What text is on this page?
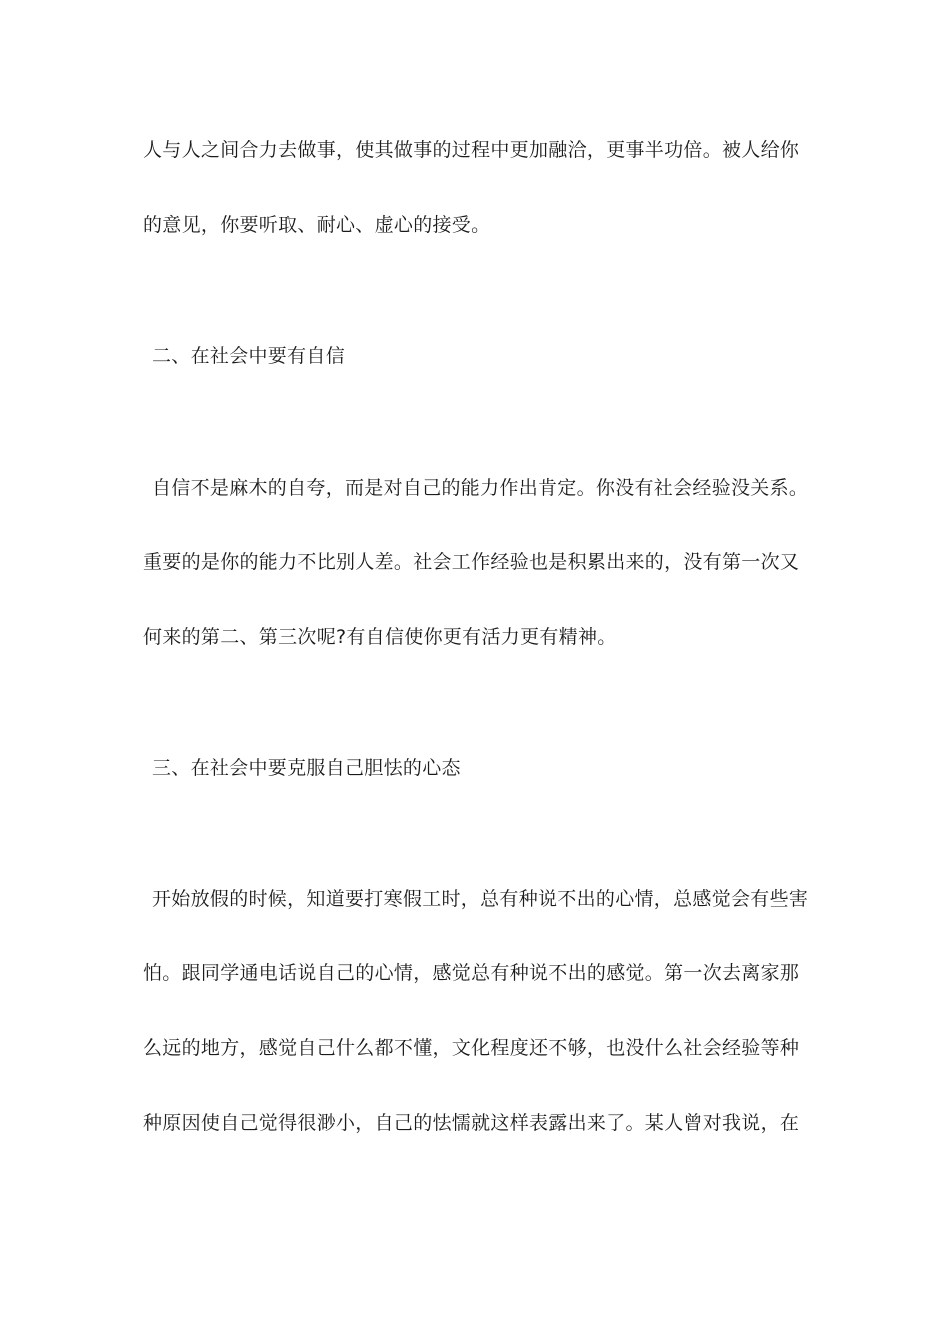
人与人之间合力去做事，使其做事的过程中更加融洽，更事半功倍。被人给你
的意见，你要听取、耐心、虚心的接受。
二、在社会中要有自信
自信不是麻木的自夸，而是对自己的能力作出肯定。你没有社会经验没关系。
重要的是你的能力不比别人差。社会工作经验也是积累出来的，没有第一次又
何来的第二、第三次呢?有自信使你更有活力更有精神。
三、在社会中要克服自己胆怯的心态
开始放假的时候，知道要打寒假工时，总有种说不出的心情，总感觉会有些害
怕。跟同学通电话说自己的心情，感觉总有种说不出的感觉。第一次去离家那
么远的地方，感觉自己什么都不懂，文化程度还不够，也没什么社会经验等种
种原因使自己觉得很渺小，自己的怯懦就这样表露出来了。某人曾对我说，在
